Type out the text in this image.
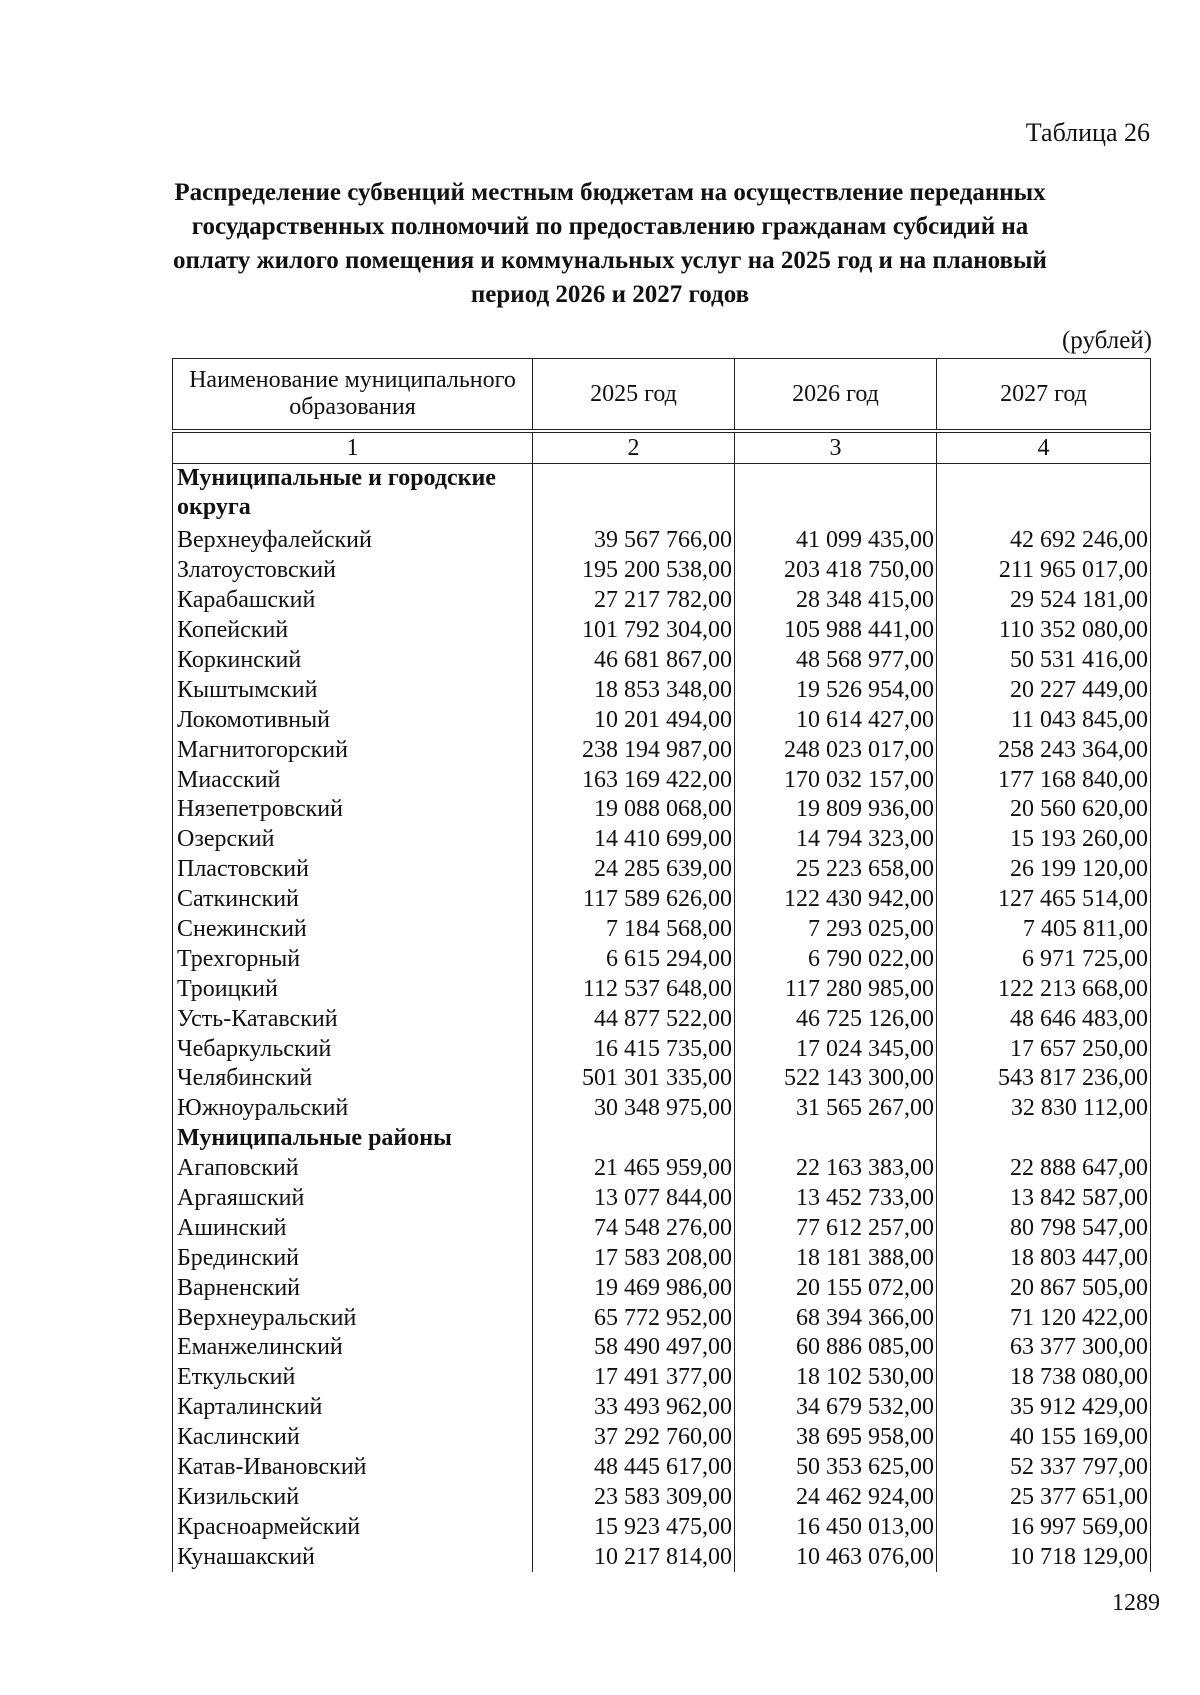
Таблица 26
Распределение субвенций местным бюджетам на осуществление переданных государственных полномочий по предоставлению гражданам субсидий на оплату жилого помещения и коммунальных услуг на 2025 год и на плановый период 2026 и 2027 годов
(рублей)
Наименование муниципального образования	2025 год	2026 год	2027 год
1	2	3	4
Муниципальные и городские округа			
Верхнеуфалейский	39 567 766,00	41 099 435,00	42 692 246,00
Златоустовский	195 200 538,00	203 418 750,00	211 965 017,00
Карабашский	27 217 782,00	28 348 415,00	29 524 181,00
Копейский	101 792 304,00	105 988 441,00	110 352 080,00
Коркинский	46 681 867,00	48 568 977,00	50 531 416,00
Кыштымский	18 853 348,00	19 526 954,00	20 227 449,00
Локомотивный	10 201 494,00	10 614 427,00	11 043 845,00
Магнитогорский	238 194 987,00	248 023 017,00	258 243 364,00
Миасский	163 169 422,00	170 032 157,00	177 168 840,00
Нязепетровский	19 088 068,00	19 809 936,00	20 560 620,00
Озерский	14 410 699,00	14 794 323,00	15 193 260,00
Пластовский	24 285 639,00	25 223 658,00	26 199 120,00
Саткинский	117 589 626,00	122 430 942,00	127 465 514,00
Снежинский	7 184 568,00	7 293 025,00	7 405 811,00
Трехгорный	6 615 294,00	6 790 022,00	6 971 725,00
Троицкий	112 537 648,00	117 280 985,00	122 213 668,00
Усть-Катавский	44 877 522,00	46 725 126,00	48 646 483,00
Чебаркульский	16 415 735,00	17 024 345,00	17 657 250,00
Челябинский	501 301 335,00	522 143 300,00	543 817 236,00
Южноуральский	30 348 975,00	31 565 267,00	32 830 112,00
Муниципальные районы			
Агаповский	21 465 959,00	22 163 383,00	22 888 647,00
Аргаяшский	13 077 844,00	13 452 733,00	13 842 587,00
Ашинский	74 548 276,00	77 612 257,00	80 798 547,00
Брединский	17 583 208,00	18 181 388,00	18 803 447,00
Варненский	19 469 986,00	20 155 072,00	20 867 505,00
Верхнеуральский	65 772 952,00	68 394 366,00	71 120 422,00
Еманжелинский	58 490 497,00	60 886 085,00	63 377 300,00
Еткульский	17 491 377,00	18 102 530,00	18 738 080,00
Карталинский	33 493 962,00	34 679 532,00	35 912 429,00
Каслинский	37 292 760,00	38 695 958,00	40 155 169,00
Катав-Ивановский	48 445 617,00	50 353 625,00	52 337 797,00
Кизильский	23 583 309,00	24 462 924,00	25 377 651,00
Красноармейский	15 923 475,00	16 450 013,00	16 997 569,00
Кунашакский	10 217 814,00	10 463 076,00	10 718 129,00
1289
